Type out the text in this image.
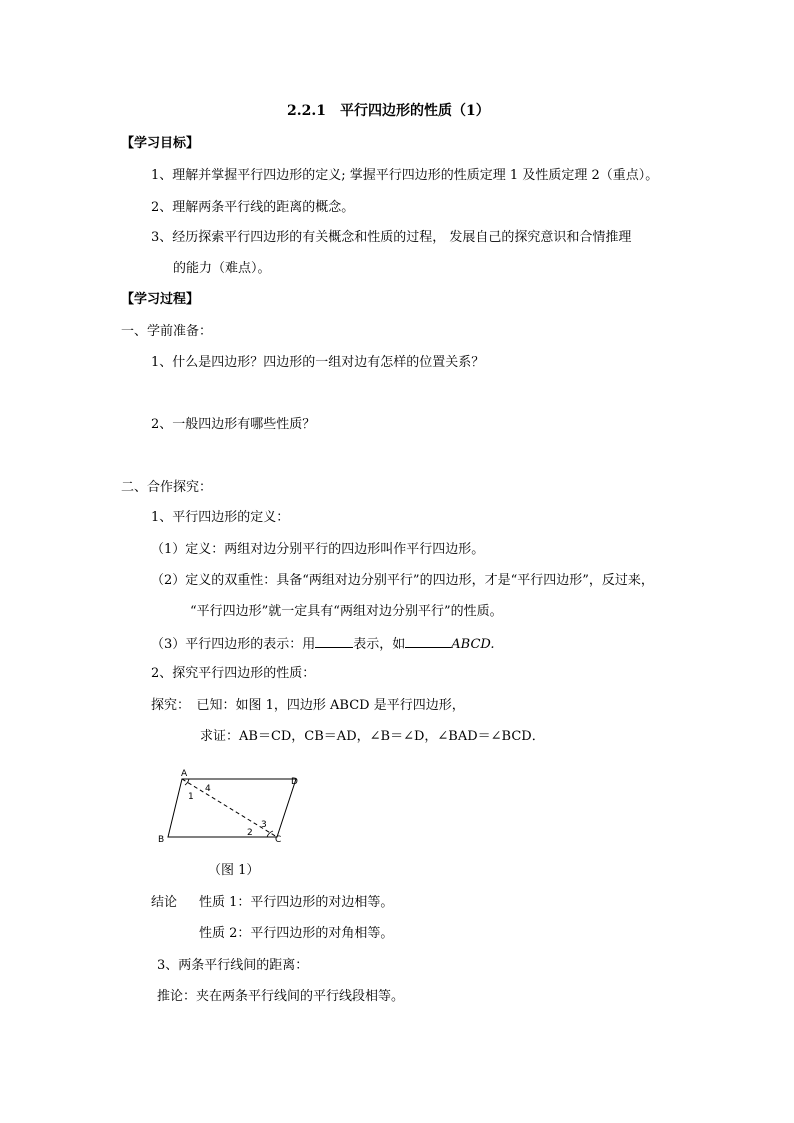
2.2.1　平行四边形的性质（1）
【学习目标】
1、理解并掌握平行四边形的定义; 掌握平行四边形的性质定理 1 及性质定理 2（重点）。
2、理解两条平行线的距离的概念。
3、经历探索平行四边形的有关概念和性质的过程， 发展自己的探究意识和合情推理
的能力（难点）。
【学习过程】
一、学前准备：
1、什么是四边形？四边形的一组对边有怎样的位置关系？
2、一般四边形有哪些性质？
二、合作探究：
1、平行四边形的定义：
（1）定义：两组对边分别平行的四边形叫作平行四边形。
（2）定义的双重性：具备“两组对边分别平行”的四边形，才是“平行四边形”，反过来，
“平行四边形”就一定具有“两组对边分别平行”的性质。
（3）平行四边形的表示：用	表示，如	ABCD.
2、探究平行四边形的性质：
探究：　已知：如图 1，四边形 ABCD 是平行四边形，
求证：AB＝CD，CB＝AD，∠B＝∠D，∠BAD＝∠BCD．
A
D
B	C
1
4
2
3
（图 1）
结论 性质 1：平行四边形的对边相等。
性质 2：平行四边形的对角相等。
3、两条平行线间的距离：
推论：夹在两条平行线间的平行线段相等。
